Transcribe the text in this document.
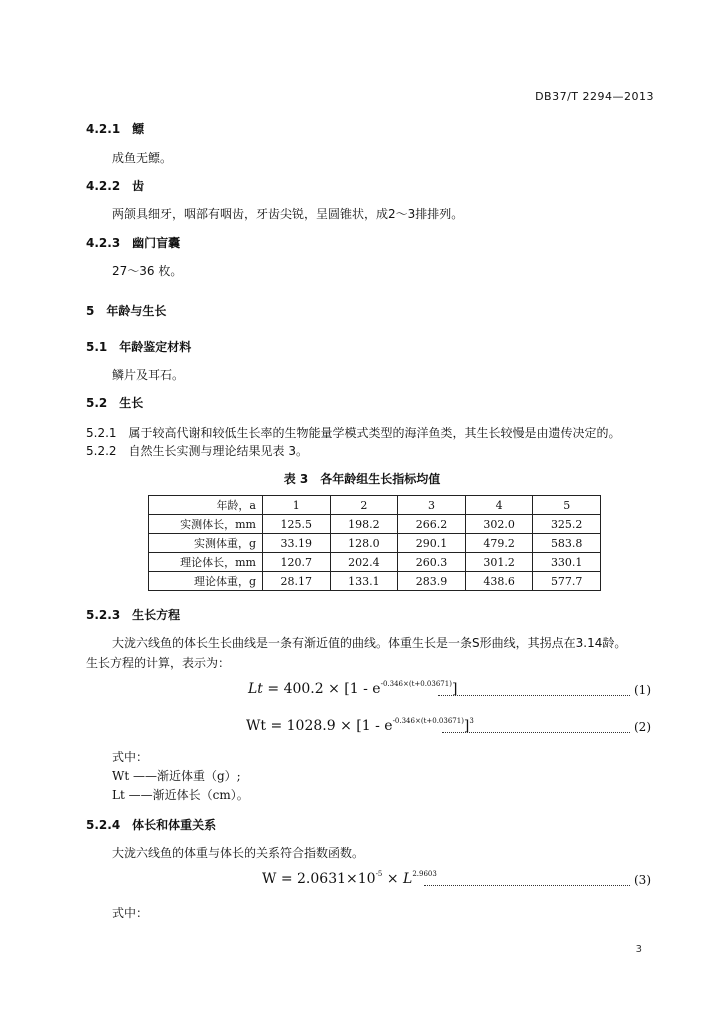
DB37/T 2294—2013
4.2.1　鳔
成鱼无鳔。
4.2.2　齿
两颌具细牙，咽部有咽齿，牙齿尖锐，呈圆锥状，成2～3排排列。
4.2.3　幽门盲囊
27～36 枚。
5　年龄与生长
5.1　年龄鉴定材料
鳞片及耳石。
5.2　生长
5.2.1　属于较高代谢和较低生长率的生物能量学模式类型的海洋鱼类，其生长较慢是由遗传决定的。
5.2.2　自然生长实测与理论结果见表 3。
表 3　各年龄组生长指标均值
年龄，a	1	2	3	4	5
实测体长，mm	125.5	198.2	266.2	302.0	325.2
实测体重，g	33.19	128.0	290.1	479.2	583.8
理论体长，mm	120.7	202.4	260.3	301.2	330.1
理论体重，g	28.17	133.1	283.9	438.6	577.7
5.2.3　生长方程
大泷六线鱼的体长生长曲线是一条有渐近值的曲线。体重生长是一条S形曲线，其拐点在3.14龄。
生长方程的计算，表示为：
$Lt = 400.2 \times [1 - e^{-0.346\times(t+0.03671)}]$	(1)
$Wt = 1028.9 \times [1 - e^{-0.346\times(t+0.03671)}]^3$	(2)
式中：
Wt ——渐近体重（g）;
Lt ——渐近体长（cm）。
5.2.4　体长和体重关系
大泷六线鱼的体重与体长的关系符合指数函数。
$W = 2.0631\times 10^{-5} \times L^{2.9603}$	(3)
式中：
3
